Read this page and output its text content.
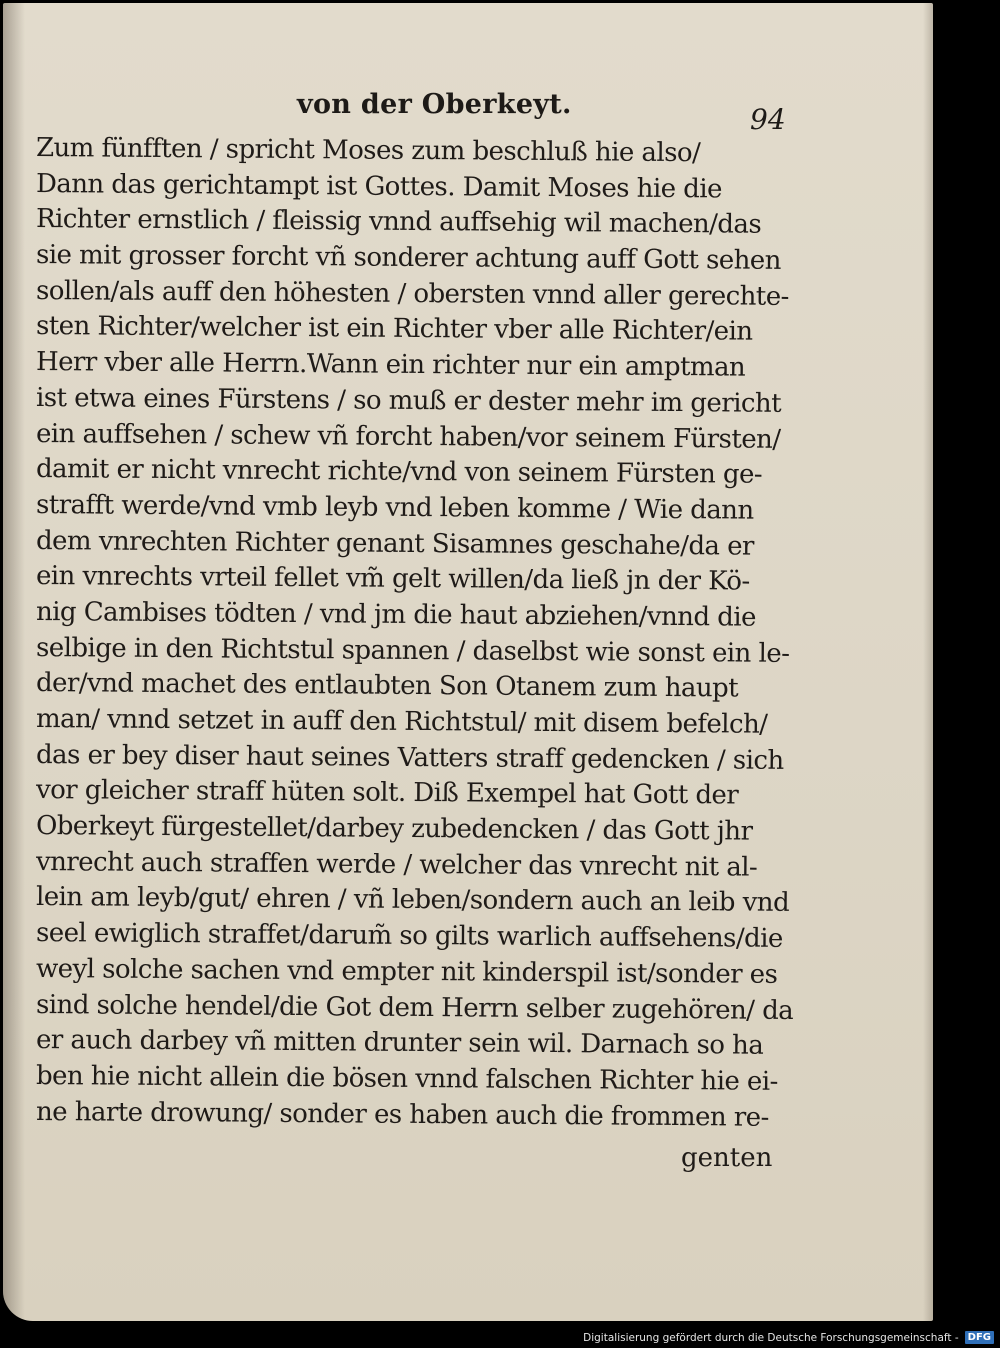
von der Oberkeyt.	94
Zum fünfften / spricht Moses zum beschluß hie also/
Dann das gerichtampt ist Gottes. Damit Moses hie die
Richter ernstlich / fleissig vnnd auffsehig wil machen/das
sie mit grosser forcht vñ sonderer achtung auff Gott sehen
sollen/als auff den höhesten / obersten vnnd aller gerechte-
sten Richter/welcher ist ein Richter vber alle Richter/ein
Herr vber alle Herrn.Wann ein richter nur ein amptman
ist etwa eines Fürstens / so muß er dester mehr im gericht
ein auffsehen / schew vñ forcht haben/vor seinem Fürsten/
damit er nicht vnrecht richte/vnd von seinem Fürsten ge-
strafft werde/vnd vmb leyb vnd leben komme / Wie dann
dem vnrechten Richter genant Sisamnes geschahe/da er
ein vnrechts vrteil fellet vm̃ gelt willen/da ließ jn der Kö-
nig Cambises tödten / vnd jm die haut abziehen/vnnd die
selbige in den Richtstul spannen / daselbst wie sonst ein le-
der/vnd machet des entlaubten Son Otanem zum haupt
man/ vnnd setzet in auff den Richtstul/ mit disem befelch/
das er bey diser haut seines Vatters straff gedencken / sich
vor gleicher straff hüten solt. Diß Exempel hat Gott der
Oberkeyt fürgestellet/darbey zubedencken / das Gott jhr
vnrecht auch straffen werde / welcher das vnrecht nit al-
lein am leyb/gut/ ehren / vñ leben/sondern auch an leib vnd
seel ewiglich straffet/darum̃ so gilts warlich auffsehens/die
weyl solche sachen vnd empter nit kinderspil ist/sonder es
sind solche hendel/die Got dem Herrn selber zugehören/ da
er auch darbey vñ mitten drunter sein wil. Darnach so ha
ben hie nicht allein die bösen vnnd falschen Richter hie ei-
ne harte drowung/ sonder es haben auch die frommen re-
genten
Digitalisierung gefördert durch die Deutsche Forschungsgemeinschaft - DFG
